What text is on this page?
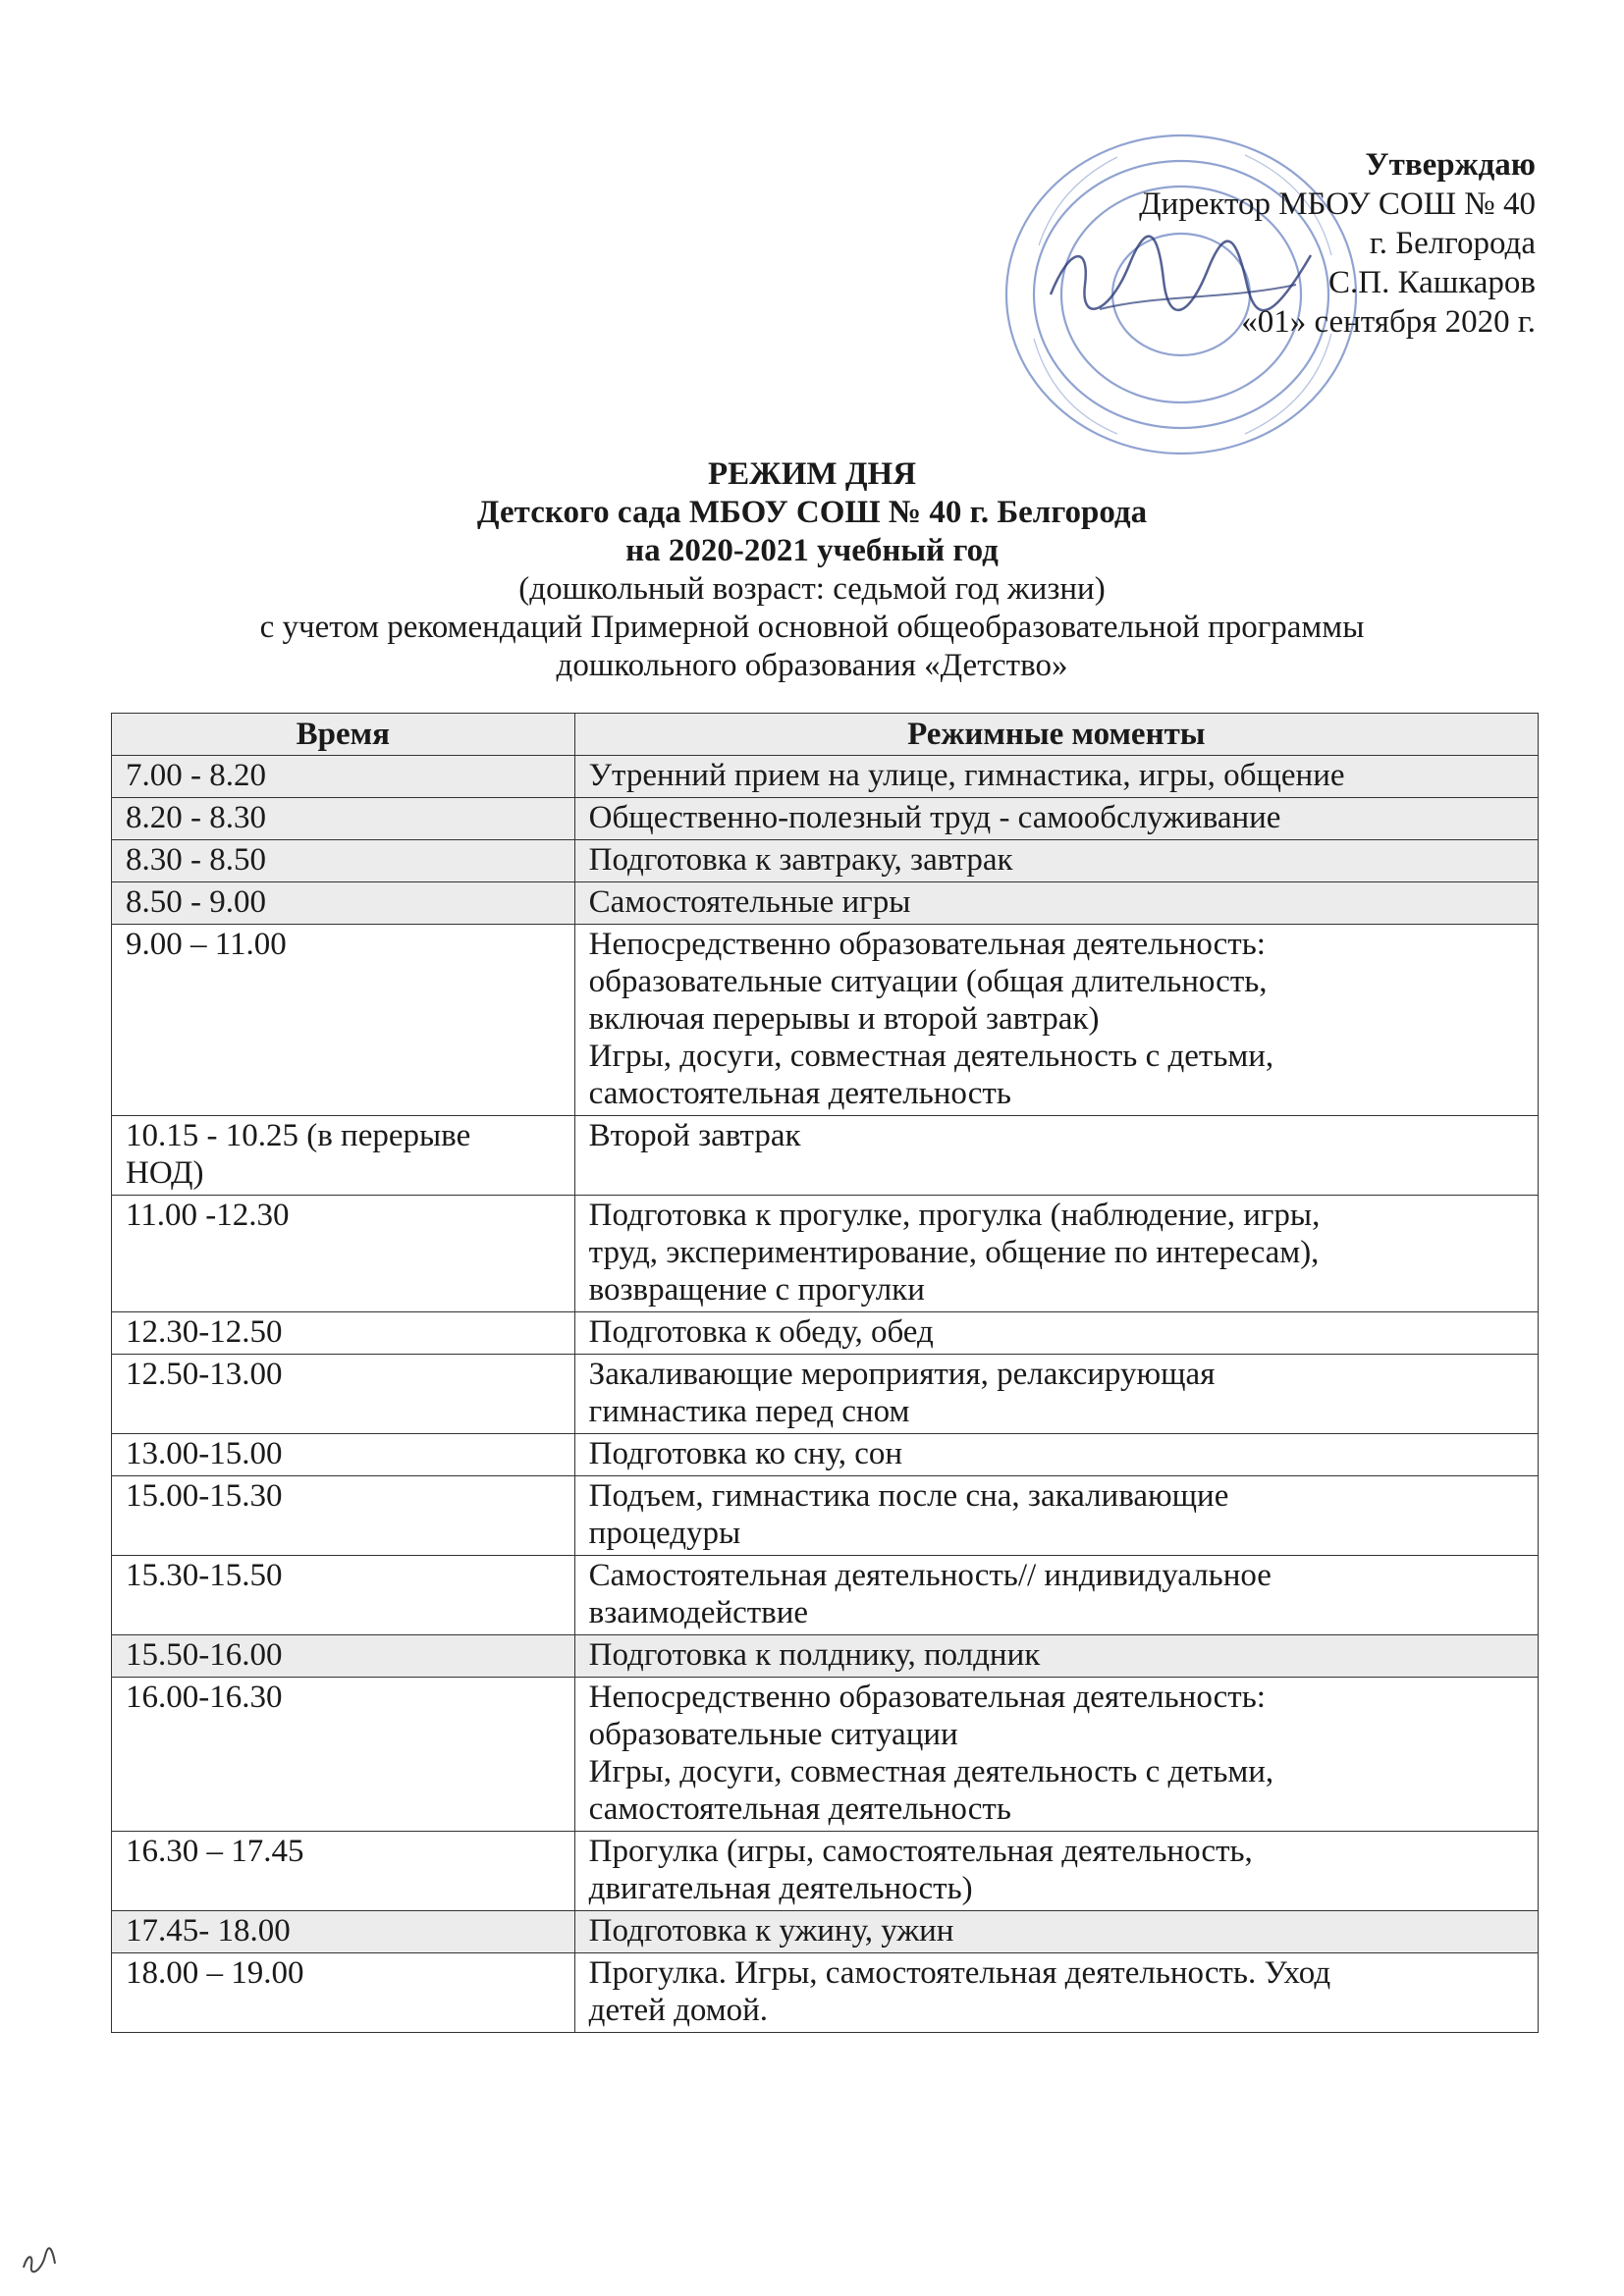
Утверждаю
Директор МБОУ СОШ № 40
г. Белгорода
С.П. Кашкаров
«01» сентября 2020 г.
РЕЖИМ ДНЯ
Детского сада МБОУ СОШ № 40 г. Белгорода
на 2020-2021 учебный год
(дошкольный возраст: седьмой год жизни)
с учетом рекомендаций Примерной основной общеобразовательной программы
дошкольного образования «Детство»
Время	Режимные моменты

7.00 - 8.20	Утренний прием на улице, гимнастика, игры, общение

8.20 - 8.30	Общественно-полезный труд - самообслуживание

8.30 - 8.50	Подготовка к завтраку, завтрак

8.50 - 9.00	Самостоятельные игры

9.00 – 11.00	Непосредственно образовательная деятельность:
образовательные ситуации (общая длительность,
включая перерывы и второй завтрак)
Игры, досуги, совместная деятельность с детьми,
самостоятельная деятельность

10.15 - 10.25 (в перерыве
НОД)	Второй завтрак

11.00 -12.30	Подготовка к прогулке, прогулка (наблюдение, игры,
труд, экспериментирование, общение по интересам),
возвращение с прогулки

12.30-12.50	Подготовка к обеду, обед

12.50-13.00	Закаливающие мероприятия, релаксирующая
гимнастика перед сном

13.00-15.00	Подготовка ко сну, сон

15.00-15.30	Подъем, гимнастика после сна, закаливающие
процедуры

15.30-15.50	Самостоятельная деятельность// индивидуальное
взаимодействие

15.50-16.00	Подготовка к полднику, полдник

16.00-16.30	Непосредственно образовательная деятельность:
образовательные ситуации
Игры, досуги, совместная деятельность с детьми,
самостоятельная деятельность

16.30 – 17.45	Прогулка (игры, самостоятельная деятельность,
двигательная деятельность)

17.45- 18.00	Подготовка к ужину, ужин

18.00 – 19.00	Прогулка. Игры, самостоятельная деятельность. Уход
детей домой.
